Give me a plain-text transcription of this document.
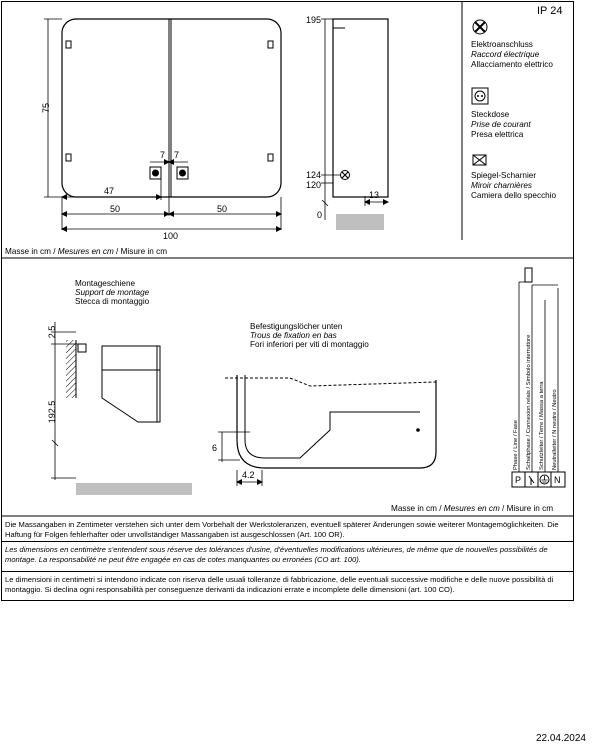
IP 24
75
7 7
47
50	50
100
195
124
120
0
13
Elektroanschluss
Raccord électrique
Allacciamento elettrico
Steckdose
Prise de courant
Presa elettrica
Spiegel-Scharnier
Miroir charnières
Camiera dello specchio
Masse in cm / Mesures en cm / Misure in cm
Montageschiene
Support de montage
Stecca di montaggio
2.5
192.5
Befestigungslöcher unten
Trous de fixation en bas
Fori inferiori per viti di montaggio
6
4.2
Phase / Line / Fase Schaltphase / Connexion relais / Simbolo interruttore Schutzleiter / Terre / Massa a terra Neutralleiter / N neutre / Neutro
P	N
Masse in cm / Mesures en cm / Misure in cm
Die Massangaben in Zentimeter verstehen sich unter dem Vorbehalt der Werkstoleranzen, eventuell späterer Änderungen sowie weiterer Montagemöglichkeiten. Die Haftung für Folgen fehlerhafter oder unvollständiger Massangaben ist ausgeschlossen (Art. 100 OR).
Les dimensions en centimètre s'entendent sous réserve des tolérances d'usine, d'éventuelles modifications ultérieures, de même que de nouvelles possibilités de montage. La responsabilité ne peut être engagée en cas de cotes manquantes ou erronées (CO art. 100).
Le dimensioni in centimetri si intendono indicate con riserva delle usuali tolleranze di fabbricazione, delle eventuali successive modifiche e delle nuove possibilità di montaggio. Si declina ogni responsabilità per conseguenze derivanti da indicazioni errate e incomplete delle dimensioni (art. 100 CO).
22.04.2024
